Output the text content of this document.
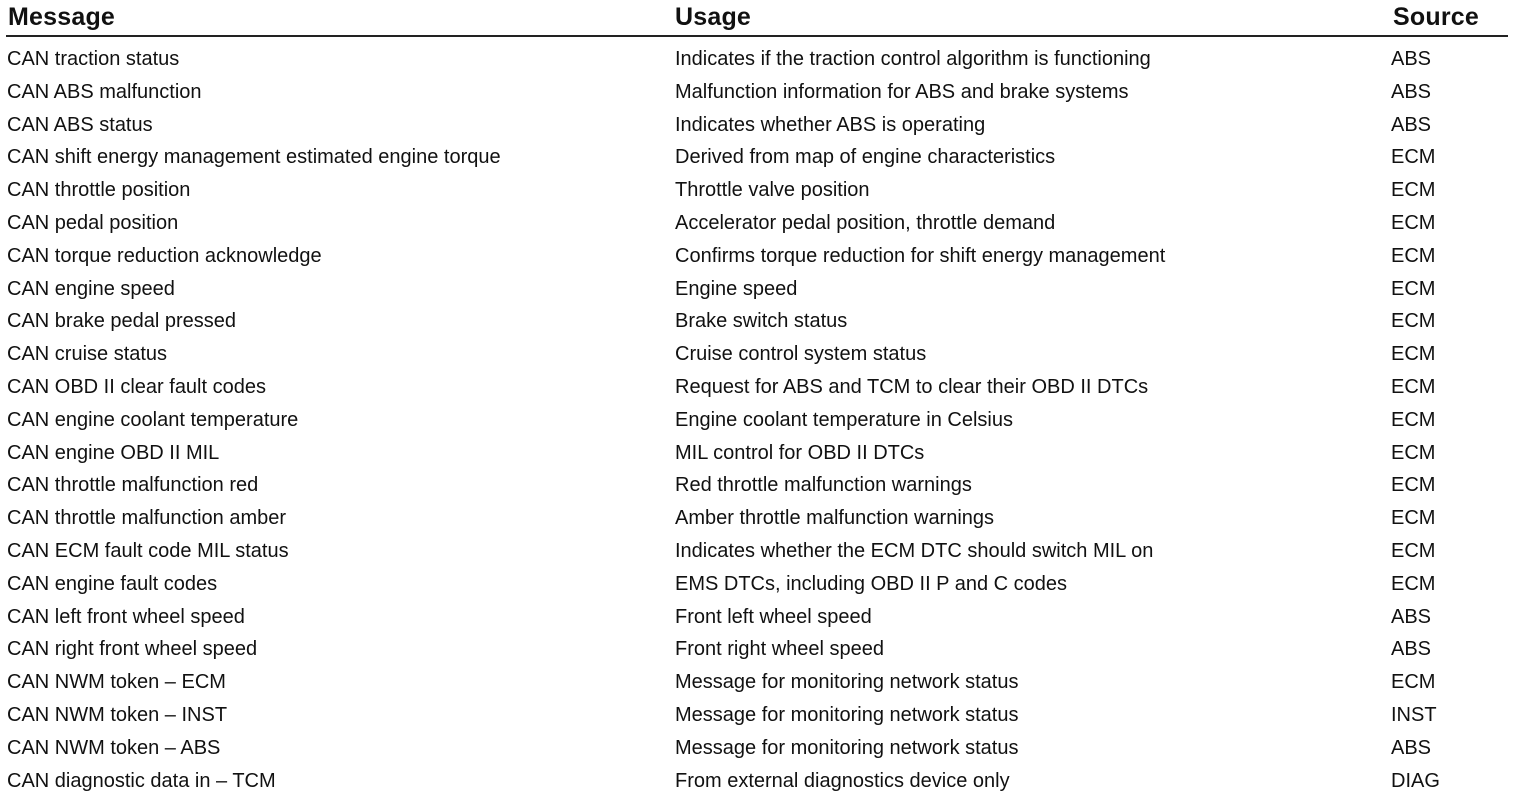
Message	Usage	Source
CAN traction status	Indicates if the traction control algorithm is functioning	ABS
CAN ABS malfunction	Malfunction information for ABS and brake systems	ABS
CAN ABS status	Indicates whether ABS is operating	ABS
CAN shift energy management estimated engine torque	Derived from map of engine characteristics	ECM
CAN throttle position	Throttle valve position	ECM
CAN pedal position	Accelerator pedal position, throttle demand	ECM
CAN torque reduction acknowledge	Confirms torque reduction for shift energy management	ECM
CAN engine speed	Engine speed	ECM
CAN brake pedal pressed	Brake switch status	ECM
CAN cruise status	Cruise control system status	ECM
CAN OBD II clear fault codes	Request for ABS and TCM to clear their OBD II DTCs	ECM
CAN engine coolant temperature	Engine coolant temperature in Celsius	ECM
CAN engine OBD II MIL	MIL control for OBD II DTCs	ECM
CAN throttle malfunction red	Red throttle malfunction warnings	ECM
CAN throttle malfunction amber	Amber throttle malfunction warnings	ECM
CAN ECM fault code MIL status	Indicates whether the ECM DTC should switch MIL on	ECM
CAN engine fault codes	EMS DTCs, including OBD II P and C codes	ECM
CAN left front wheel speed	Front left wheel speed	ABS
CAN right front wheel speed	Front right wheel speed	ABS
CAN NWM token – ECM	Message for monitoring network status	ECM
CAN NWM token – INST	Message for monitoring network status	INST
CAN NWM token – ABS	Message for monitoring network status	ABS
CAN diagnostic data in – TCM	From external diagnostics device only	DIAG
